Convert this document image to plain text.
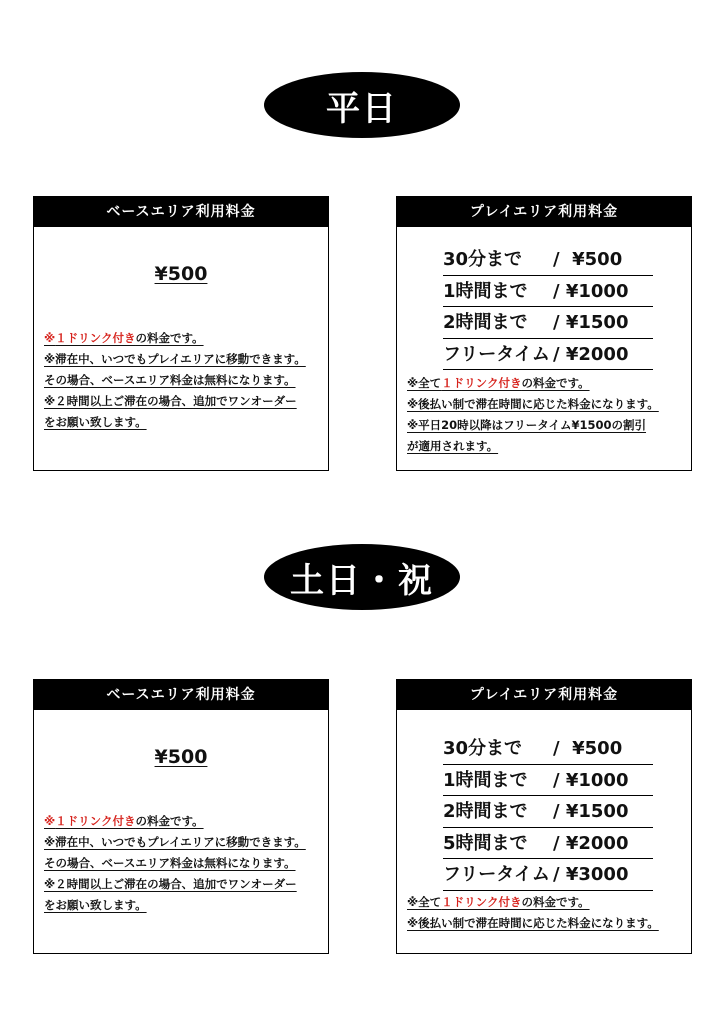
平日
ベースエリア利用料金
¥500
※１ドリンク付きの料金です。
※滞在中、いつでもプレイエリアに移動できます。
その場合、ベースエリア料金は無料になります。
※２時間以上ご滞在の場合、追加でワンオーダー
をお願い致します。
プレイエリア利用料金
30分まで	/ ¥500
1時間まで	/ ¥1000
2時間まで	/ ¥1500
フリータイム / ¥2000
※全て１ドリンク付きの料金です。
※後払い制で滞在時間に応じた料金になります。
※平日20時以降はフリータイム¥1500の割引
が適用されます。
土日・祝
ベースエリア利用料金
¥500
※１ドリンク付きの料金です。
※滞在中、いつでもプレイエリアに移動できます。
その場合、ベースエリア料金は無料になります。
※２時間以上ご滞在の場合、追加でワンオーダー
をお願い致します。
プレイエリア利用料金
30分まで	/ ¥500
1時間まで	/ ¥1000
2時間まで	/ ¥1500
5時間まで	/ ¥2000
フリータイム / ¥3000
※全て１ドリンク付きの料金です。
※後払い制で滞在時間に応じた料金になります。
